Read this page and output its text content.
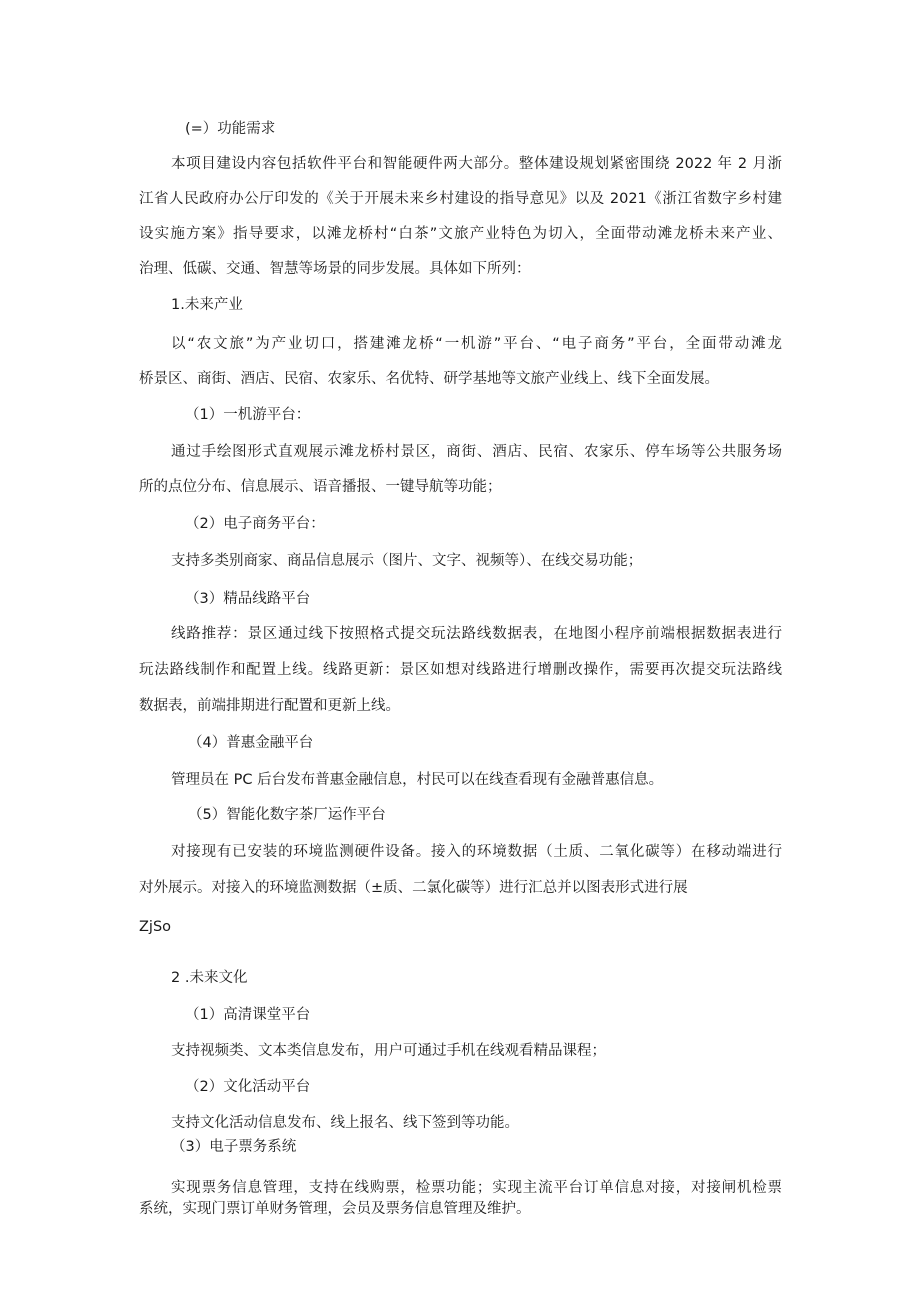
(=）功能需求

本项目建设内容包括软件平台和智能硬件两大部分。整体建设规划紧密围绕 2022 年 2 月浙

江省人民政府办公厅印发的《关于开展未来乡村建设的指导意见》以及 2021《浙江省数字乡村建

设实施方案》指导要求，以滩龙桥村“白茶”文旅产业特色为切入，全面带动滩龙桥未来产业、

治理、低碳、交通、智慧等场景的同步发展。具体如下所列：

1.未来产业

以“农文旅”为产业切口，搭建滩龙桥“一机游”平台、“电子商务”平台，全面带动滩龙

桥景区、商街、酒店、民宿、农家乐、名优特、研学基地等文旅产业线上、线下全面发展。

（1）一机游平台：

通过手绘图形式直观展示滩龙桥村景区，商街、酒店、民宿、农家乐、停车场等公共服务场

所的点位分布、信息展示、语音播报、一键导航等功能；

（2）电子商务平台：

支持多类别商家、商品信息展示（图片、文字、视频等）、在线交易功能；

（3）精品线路平台

线路推荐：景区通过线下按照格式提交玩法路线数据表，在地图小程序前端根据数据表进行

玩法路线制作和配置上线。线路更新：景区如想对线路进行增删改操作，需要再次提交玩法路线

数据表，前端排期进行配置和更新上线。

（4）普惠金融平台

管理员在 PC 后台发布普惠金融信息，村民可以在线查看现有金融普惠信息。

（5）智能化数字茶厂运作平台

对接现有已安装的环境监测硬件设备。接入的环境数据（土质、二氧化碳等）在移动端进行

对外展示。对接入的环境监测数据（±质、二氯化碳等）进行汇总并以图表形式进行展

ZjSo

2 .未来文化

（1）高清课堂平台

支持视频类、文本类信息发布，用户可通过手机在线观看精品课程；

（2）文化活动平台

支持文化活动信息发布、线上报名、线下签到等功能。

（3）电子票务系统

实现票务信息管理，支持在线购票，检票功能；实现主流平台订单信息对接，对接闸机检票

系统，实现门票订单财务管理，会员及票务信息管理及维护。
